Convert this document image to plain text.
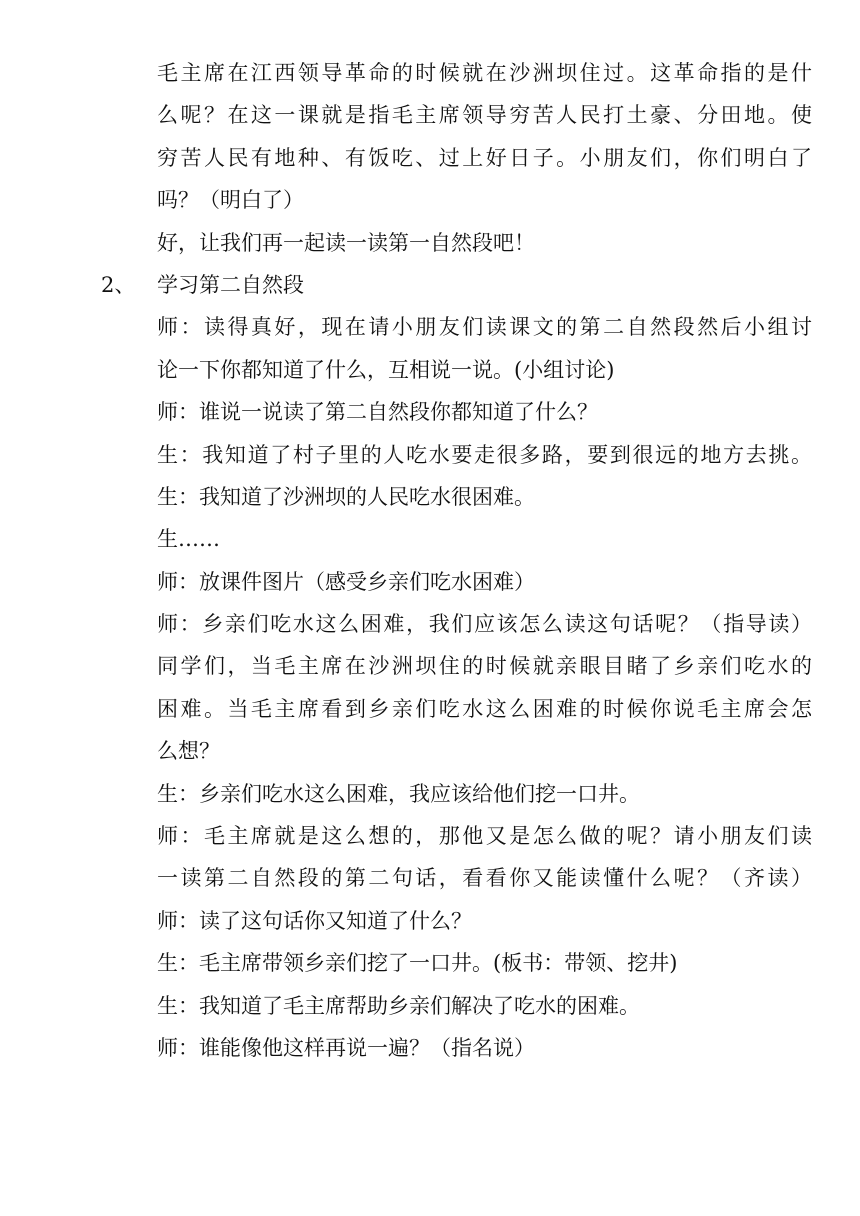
毛主席在江西领导革命的时候就在沙洲坝住过。这革命指的是什
么呢？在这一课就是指毛主席领导穷苦人民打土豪、分田地。使
穷苦人民有地种、有饭吃、过上好日子。小朋友们，你们明白了
吗？（明白了）
好，让我们再一起读一读第一自然段吧！
2、 学习第二自然段
师：读得真好，现在请小朋友们读课文的第二自然段然后小组讨
论一下你都知道了什么，互相说一说。(小组讨论)
师：谁说一说读了第二自然段你都知道了什么？
生：我知道了村子里的人吃水要走很多路，要到很远的地方去挑。
生：我知道了沙洲坝的人民吃水很困难。
生……
师：放课件图片（感受乡亲们吃水困难）
师：乡亲们吃水这么困难，我们应该怎么读这句话呢？（指导读）
同学们，当毛主席在沙洲坝住的时候就亲眼目睹了乡亲们吃水的
困难。当毛主席看到乡亲们吃水这么困难的时候你说毛主席会怎
么想？
生：乡亲们吃水这么困难，我应该给他们挖一口井。
师：毛主席就是这么想的，那他又是怎么做的呢？请小朋友们读
一读第二自然段的第二句话，看看你又能读懂什么呢？（齐读）
师：读了这句话你又知道了什么？
生：毛主席带领乡亲们挖了一口井。(板书：带领、挖井)
生：我知道了毛主席帮助乡亲们解决了吃水的困难。
师：谁能像他这样再说一遍？（指名说）
